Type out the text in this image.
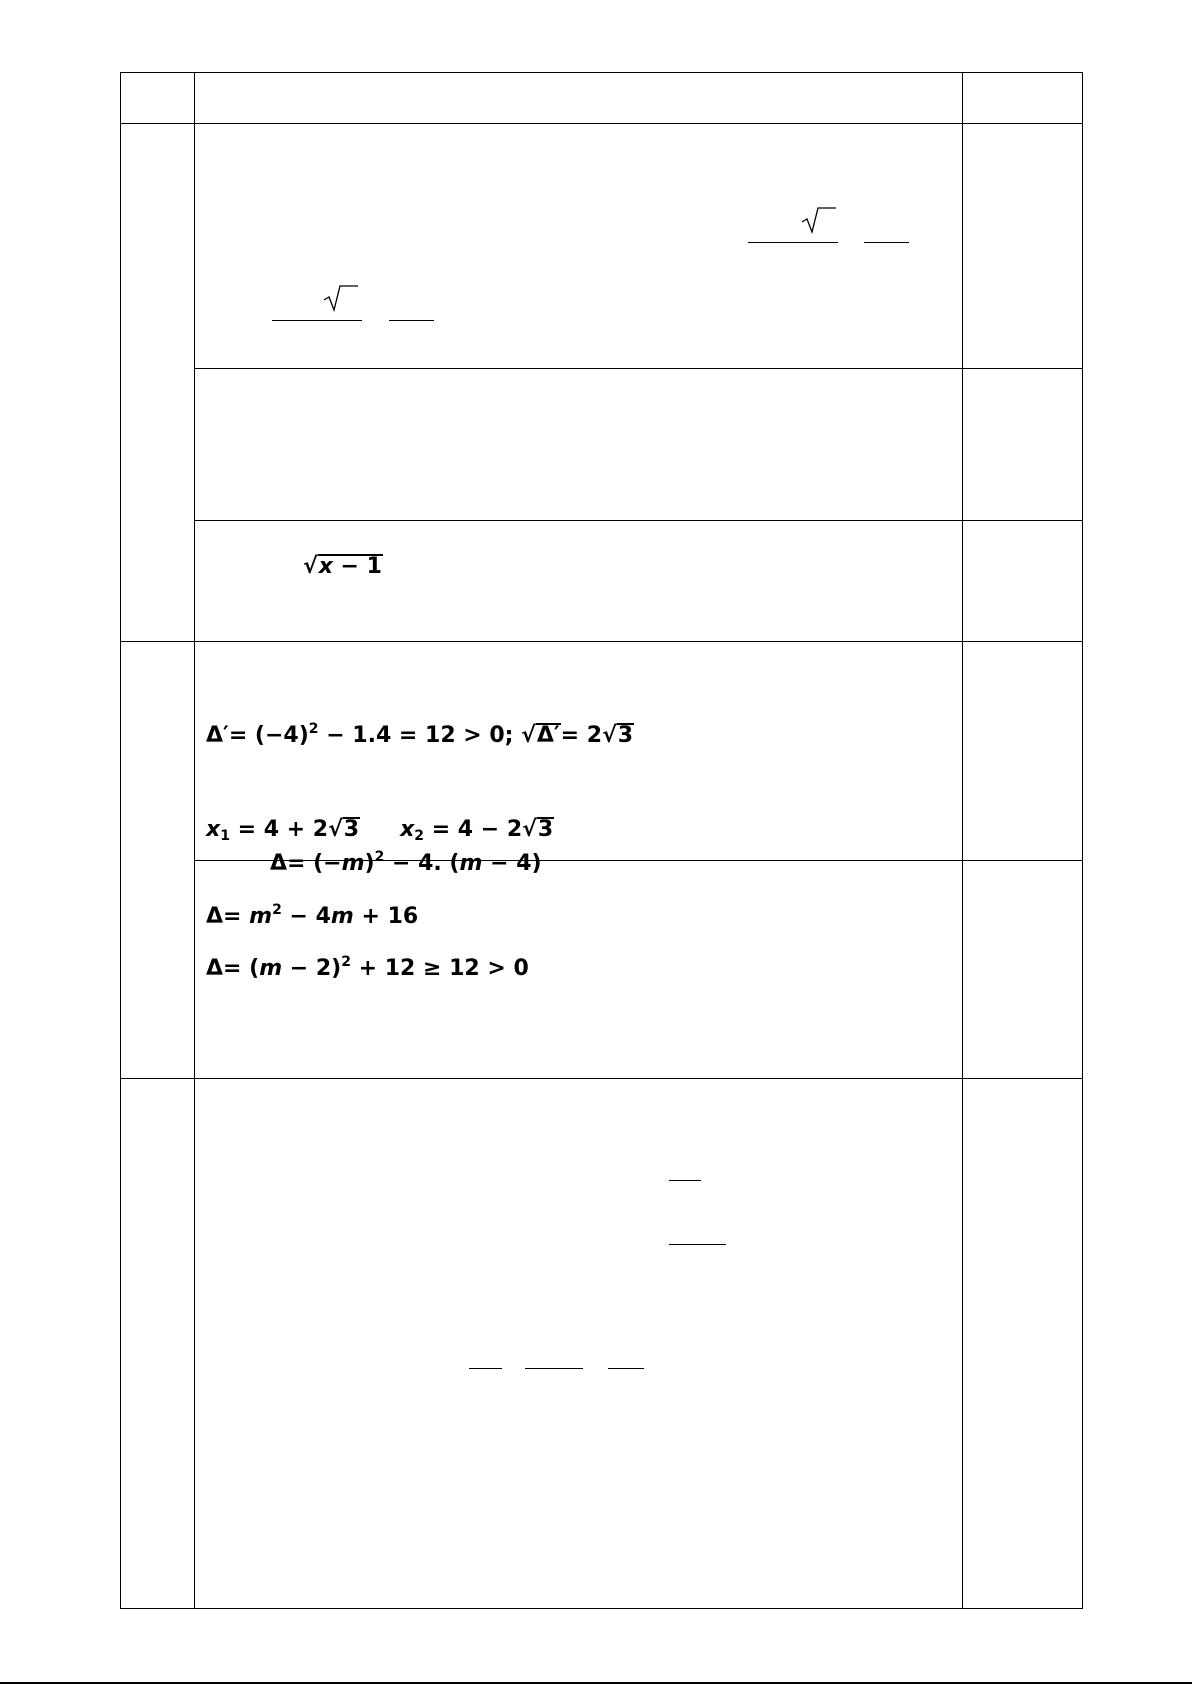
√x − 1
$\Delta'= (-4)^2 - 1.4 = 12 > 0$; √Δ′= 2√3
$x_1 = 4 + 2√3$ $x_2 = 4 - 2√3$
$\Delta= (-m)^2 - 4$. (m − 4)
$\Delta= m^2 - 4m + 16$
$\Delta= (m - 2)^2 + 12 \ge 12 > 0$
